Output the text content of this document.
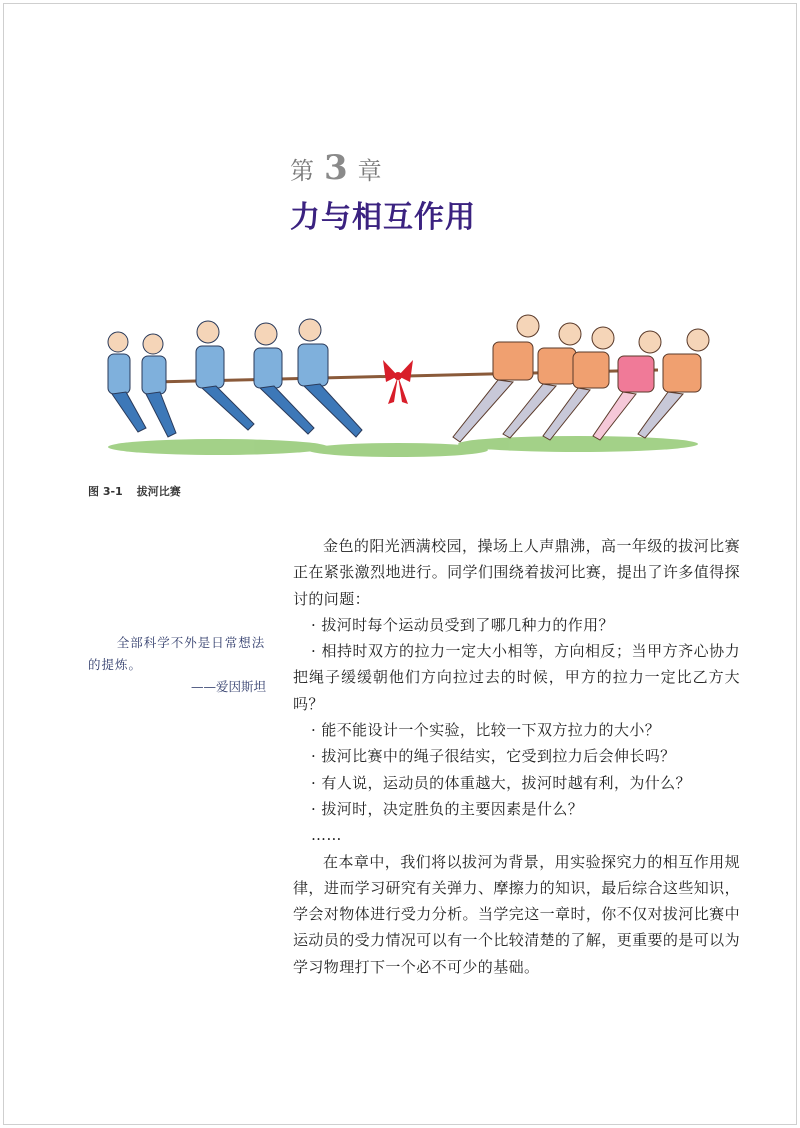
第 3 章
力与相互作用
图 3-1 拔河比赛

全部科学不外是日常想法的提炼。

——爱因斯坦

金色的阳光洒满校园，操场上人声鼎沸，高一年级的拔河比赛正在紧张激烈地进行。同学们围绕着拔河比赛，提出了许多值得探讨的问题：

· 拔河时每个运动员受到了哪几种力的作用？

· 相持时双方的拉力一定大小相等，方向相反；当甲方齐心协力把绳子缓缓朝他们方向拉过去的时候，甲方的拉力一定比乙方大吗？

· 能不能设计一个实验，比较一下双方拉力的大小？

· 拔河比赛中的绳子很结实，它受到拉力后会伸长吗？

· 有人说，运动员的体重越大，拔河时越有利，为什么？

· 拔河时，决定胜负的主要因素是什么？

……

在本章中，我们将以拔河为背景，用实验探究力的相互作用规律，进而学习研究有关弹力、摩擦力的知识，最后综合这些知识，学会对物体进行受力分析。当学完这一章时，你不仅对拔河比赛中运动员的受力情况可以有一个比较清楚的了解，更重要的是可以为学习物理打下一个必不可少的基础。
